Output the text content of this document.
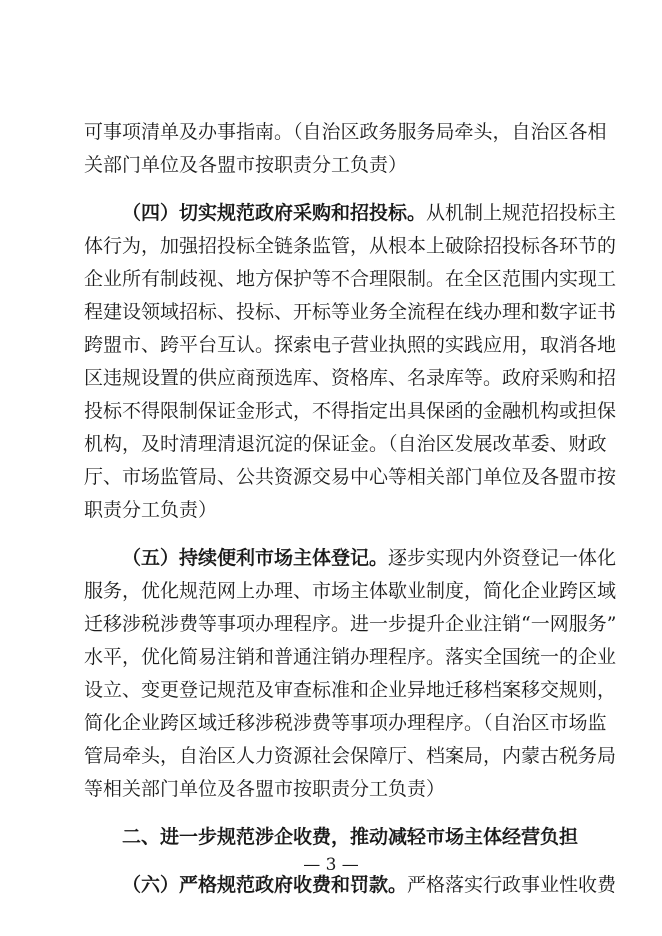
可事项清单及办事指南。（自治区政务服务局牵头，自治区各相
关部门单位及各盟市按职责分工负责）
（四）切实规范政府采购和招投标。从机制上规范招投标主
体行为，加强招投标全链条监管，从根本上破除招投标各环节的
企业所有制歧视、地方保护等不合理限制。在全区范围内实现工
程建设领域招标、投标、开标等业务全流程在线办理和数字证书
跨盟市、跨平台互认。探索电子营业执照的实践应用，取消各地
区违规设置的供应商预选库、资格库、名录库等。政府采购和招
投标不得限制保证金形式，不得指定出具保函的金融机构或担保
机构，及时清理清退沉淀的保证金。（自治区发展改革委、财政
厅、市场监管局、公共资源交易中心等相关部门单位及各盟市按
职责分工负责）
（五）持续便利市场主体登记。逐步实现内外资登记一体化
服务，优化规范网上办理、市场主体歇业制度，简化企业跨区域
迁移涉税涉费等事项办理程序。进一步提升企业注销“一网服务”
水平，优化简易注销和普通注销办理程序。落实全国统一的企业
设立、变更登记规范及审查标准和企业异地迁移档案移交规则，
简化企业跨区域迁移涉税涉费等事项办理程序。（自治区市场监
管局牵头，自治区人力资源社会保障厅、档案局，内蒙古税务局
等相关部门单位及各盟市按职责分工负责）
二、进一步规范涉企收费，推动减轻市场主体经营负担
（六）严格规范政府收费和罚款。严格落实行政事业性收费
— 3 —
